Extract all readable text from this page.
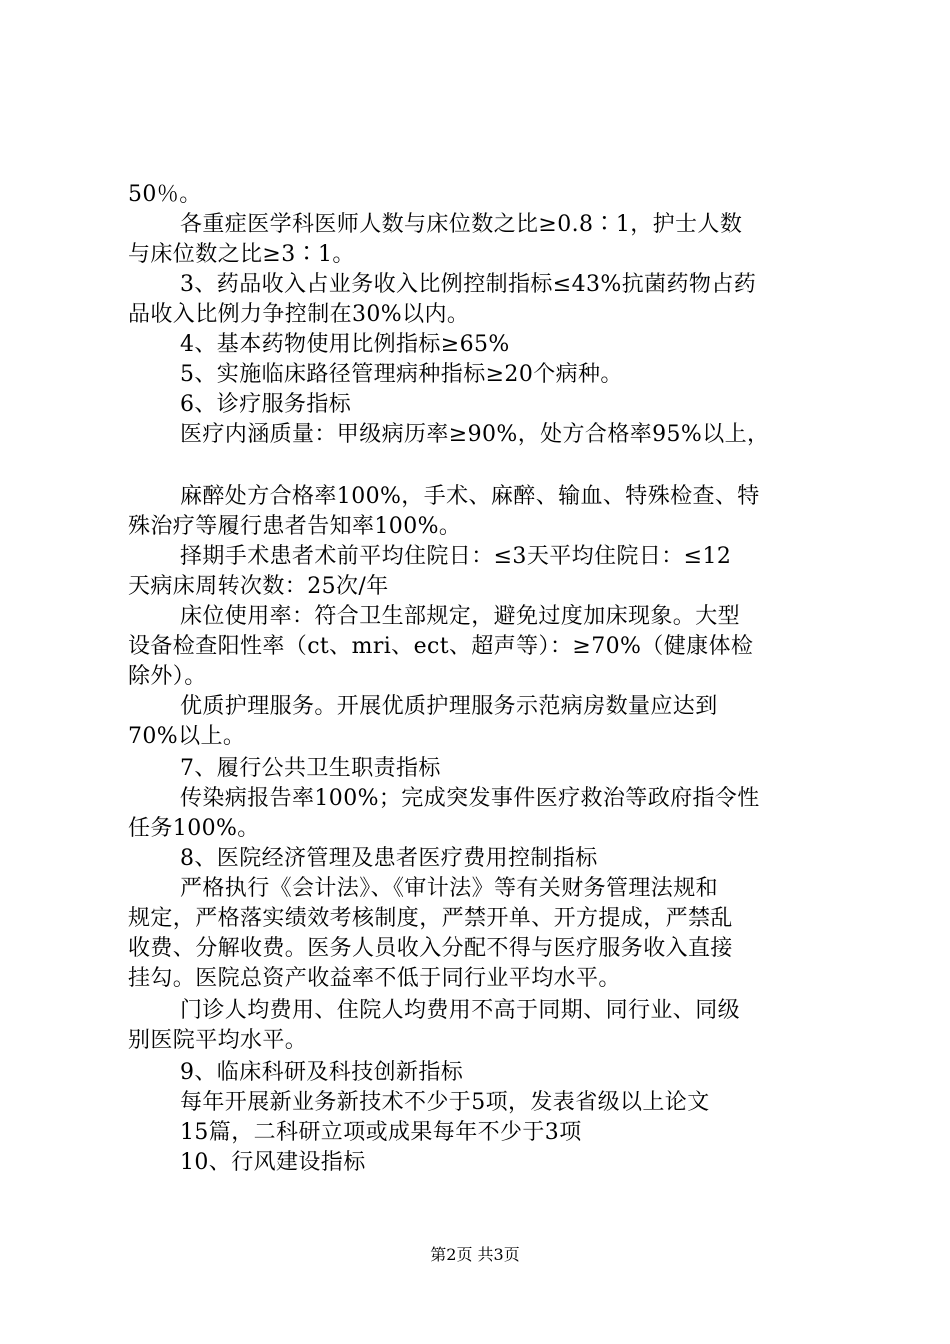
50％。
各重症医学科医师人数与床位数之比≥0.8∶1，护士人数
与床位数之比≥3∶1。
3、药品收入占业务收入比例控制指标≤43%抗菌药物占药
品收入比例力争控制在30%以内。
4、基本药物使用比例指标≥65%
5、实施临床路径管理病种指标≥20个病种。
6、诊疗服务指标
医疗内涵质量：甲级病历率≥90%，处方合格率95%以上，
麻醉处方合格率100%，手术、麻醉、输血、特殊检查、特
殊治疗等履行患者告知率100%。
择期手术患者术前平均住院日：≤3天平均住院日：≤12
天病床周转次数：25次/年
床位使用率：符合卫生部规定，避免过度加床现象。大型
设备检查阳性率（ct、mri、ect、超声等）：≥70%（健康体检
除外）。
优质护理服务。开展优质护理服务示范病房数量应达到
70%以上。
7、履行公共卫生职责指标
传染病报告率100%；完成突发事件医疗救治等政府指令性
任务100%。
8、医院经济管理及患者医疗费用控制指标
严格执行《会计法》、《审计法》等有关财务管理法规和
规定，严格落实绩效考核制度，严禁开单、开方提成，严禁乱
收费、分解收费。医务人员收入分配不得与医疗服务收入直接
挂勾。医院总资产收益率不低于同行业平均水平。
门诊人均费用、住院人均费用不高于同期、同行业、同级
别医院平均水平。
9、临床科研及科技创新指标
每年开展新业务新技术不少于5项，发表省级以上论文
15篇，二科研立项或成果每年不少于3项
10、行风建设指标
第2页 共3页
